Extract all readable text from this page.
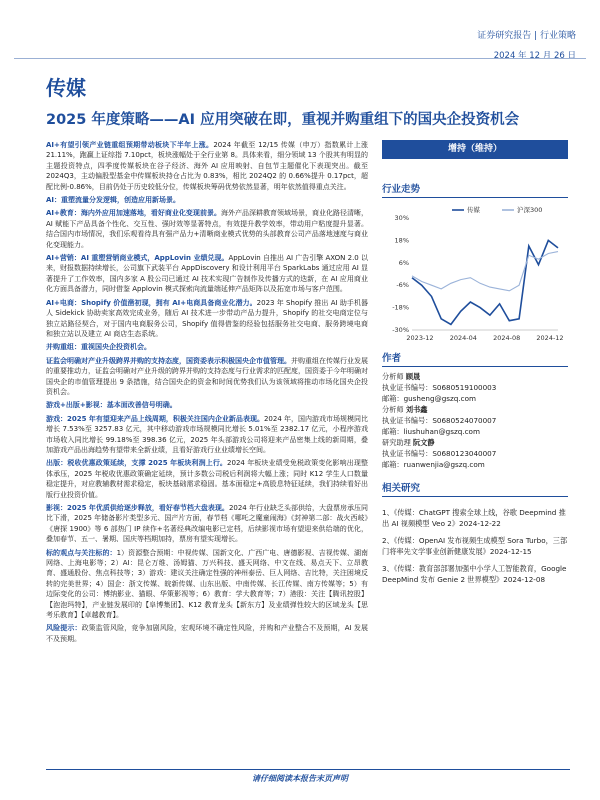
证券研究报告 | 行业策略
2024 年 12 月 26 日
传媒
2025 年度策略——AI 应用突破在即，重视并购重组下的国央企投资机会

AI+有望引领产业链重组预期带动板块下半年上涨。2024 年截至 12/15 传媒（申万）指数累计上涨 21.11%，跑赢上证综指 7.10pct，板块涨幅处于全行业第 8。具体来看，细分领域 13 个股其有明显的主题投资特点，四季度传媒板块在谷子经济、海外 AI 应用映射、自包节主题催化下表现突出。截至 2024Q3，主动偏股型基金中传媒板块持仓占比为 0.83%，相比 2024Q2 的 0.66%提升 0.17pct，超配比例-0.86%，目前仍处于历史较低分位，传媒板块筹码优势依然显著，明年依然值得重点关注。

AI：重塑流量分发逻辑，创造应用新场景。

AI+教育：海内外应用加速落地，看好商业化变现前景。海外产品深耕教育领域场景，商业化路径清晰，AI 赋能下产品具备个性化、交互性、强时效等显著特点，有效提升教学效率，带动用户粘度提升显著。结合国内市场情况，我们乐观看待具有强产品力+清晰商业模式优势的头部教育公司产品落地速度与商业化变现能力。

AI+营销：AI 重塑营销商业模式，AppLovin 业绩兑现。AppLovin 自推出 AI 广告引擎 AXON 2.0 以来，财报数据持续增长，公司旗下武装平台 AppDiscovery 和设计利用平台 SparkLabs 通过应用 AI 显著提升了工作效率，国内多家 A 股公司已通过 AI 技术实现广告制作及传播方式的迭新，在 AI 应用商业化方面具备潜力，同时借鉴 Applovin 模式探索向流量端延伸产品矩阵以及拓宽市场与客户范围。

AI+电商：Shopify 价值凿初现，拥有 AI+电商具备商业化潜力。2023 年 Shopify 推出 AI 助手机器人 Sidekick 协助卖家高效完成业务，随后 AI 技术进一步带动产品力提升，Shopify 的社交电商定位与独立站路径契合，对于国内电商服务公司，Shopify 值得借鉴的经验包括服务社交电商、服务跨境电商和独立站以及建立 AI 商店生态系统。

并购重组：重视国央企投资机会。

证监会明确对产业升级跨界并购的支持态度，国资委表示积极国央企市值管理。并购重组在传媒行业发展的重要推动力，证监会明确对产业升级的跨界并购的支持态度与行业需求的匹配度，国资委于今年明确对国央企的市值管理提出 9 条措施，结合国央企的资金和时间优势我们认为该领域将推动市场化国央企投资机会。

游戏+出版+影视：基本面改善信号明确。

游戏：2025 年有望迎来产品上线周期，积极关注国内企业新品表现。2024 年，国内游戏市场规模同比增长 7.53%至 3257.83 亿元，其中移动游戏市场规模同比增长 5.01%至 2382.17 亿元，小程序游戏市场收入同比增长 99.18%至 398.36 亿元，2025 年头部游戏公司将迎来产品密集上线的新周期，叠加游戏产品出海趋势有望带来全新业绩，且看好游戏行业业绩增长空间。

出版：税收优惠政策延续，支撑 2025 年板块利润上行。2024 年板块业绩受免税政策变化影响出现整体承压，2025 年税收优惠政策确定延续，预计多数公司税后利润将大幅上涨；同时 K12 学生人口数量稳定提升，对应教辅教材需求稳定，板块基础需求稳固。基本面稳定+高股息特征延续，我们持续看好出版行业投资价值。

影视：2025 年优质供给逐步释放，看好春节档大盘表现。2024 年行业缺乏头部供给，大盘票房承压同比下滑，2025 年储备影片类型多元、国产片方面，春节档《哪吒之魔童闹海》《封神第二部：战火西岐》《唐探 1900》等 6 部热门 IP 续作+名著经典改编电影已定档，后续影视市场有望迎来供给端的优化，叠加春节、五一、暑期、国庆等档期加持，票房有望实现增长。

标的观点与关注标的：1）资源整合预期：中视传媒、国新文化、广西广电、唐德影视、吉视传媒、湖南网络、上海电影等；2）AI：昆仑万维、汤姆猫、万兴科技、盛天网络、中文在线、易点天下、立昂教育、盛通股份、焦点科技等；3）游戏：建议关注确定性强的神州泰岳、巨人网络、吉比特，关注困境反转的完美世界；4）国企：浙文传媒、皖新传媒、山东出版、中南传媒、长江传媒、南方传媒等；5）有边际变化的公司：博纳影业、猫眼、华策影视等；6）教育：学大教育等；7）港股：关注【腾讯控股】【泡泡玛特】，产业链发展印的【阜博集团】、K12 教育龙头【新东方】及业绩弹性较大的区域龙头【思考乐教育】【卓越教育】。

风险提示：政策监管风险，竞争加剧风险，宏观环境不确定性风险，并购和产业整合不及预期，AI 发展不及预期。

增持（维持）
行业走势
30%
18%
6%
-6%
-18%
-30%
2023-12 2024-04 2024-08 2024-12
传媒	沪深300
作者
分析师 顾晟
执业证书编号：S0680519100003
邮箱：gusheng@gszq.com
分析师 刘书鑫
执业证书编号：S0680524070007
邮箱：liushuhan@gszq.com
研究助理 阮文静
执业证书编号：S0680123040007
邮箱：ruanwenjia@gszq.com
相关研究

1、《传媒：ChatGPT 搜索全球上线，谷歌 Deepmind 推出 AI 视频模型 Veo 2》2024-12-22

2、《传媒：OpenAI 发布视频生成模型 Sora Turbo，三部门将率先文学事业创新健康发展》2024-12-15

3、《传媒：教育部部署加强中小学人工智能教育，Google DeepMind 发布 Genie 2 世界模型》2024-12-08

请仔细阅读本报告末页声明
